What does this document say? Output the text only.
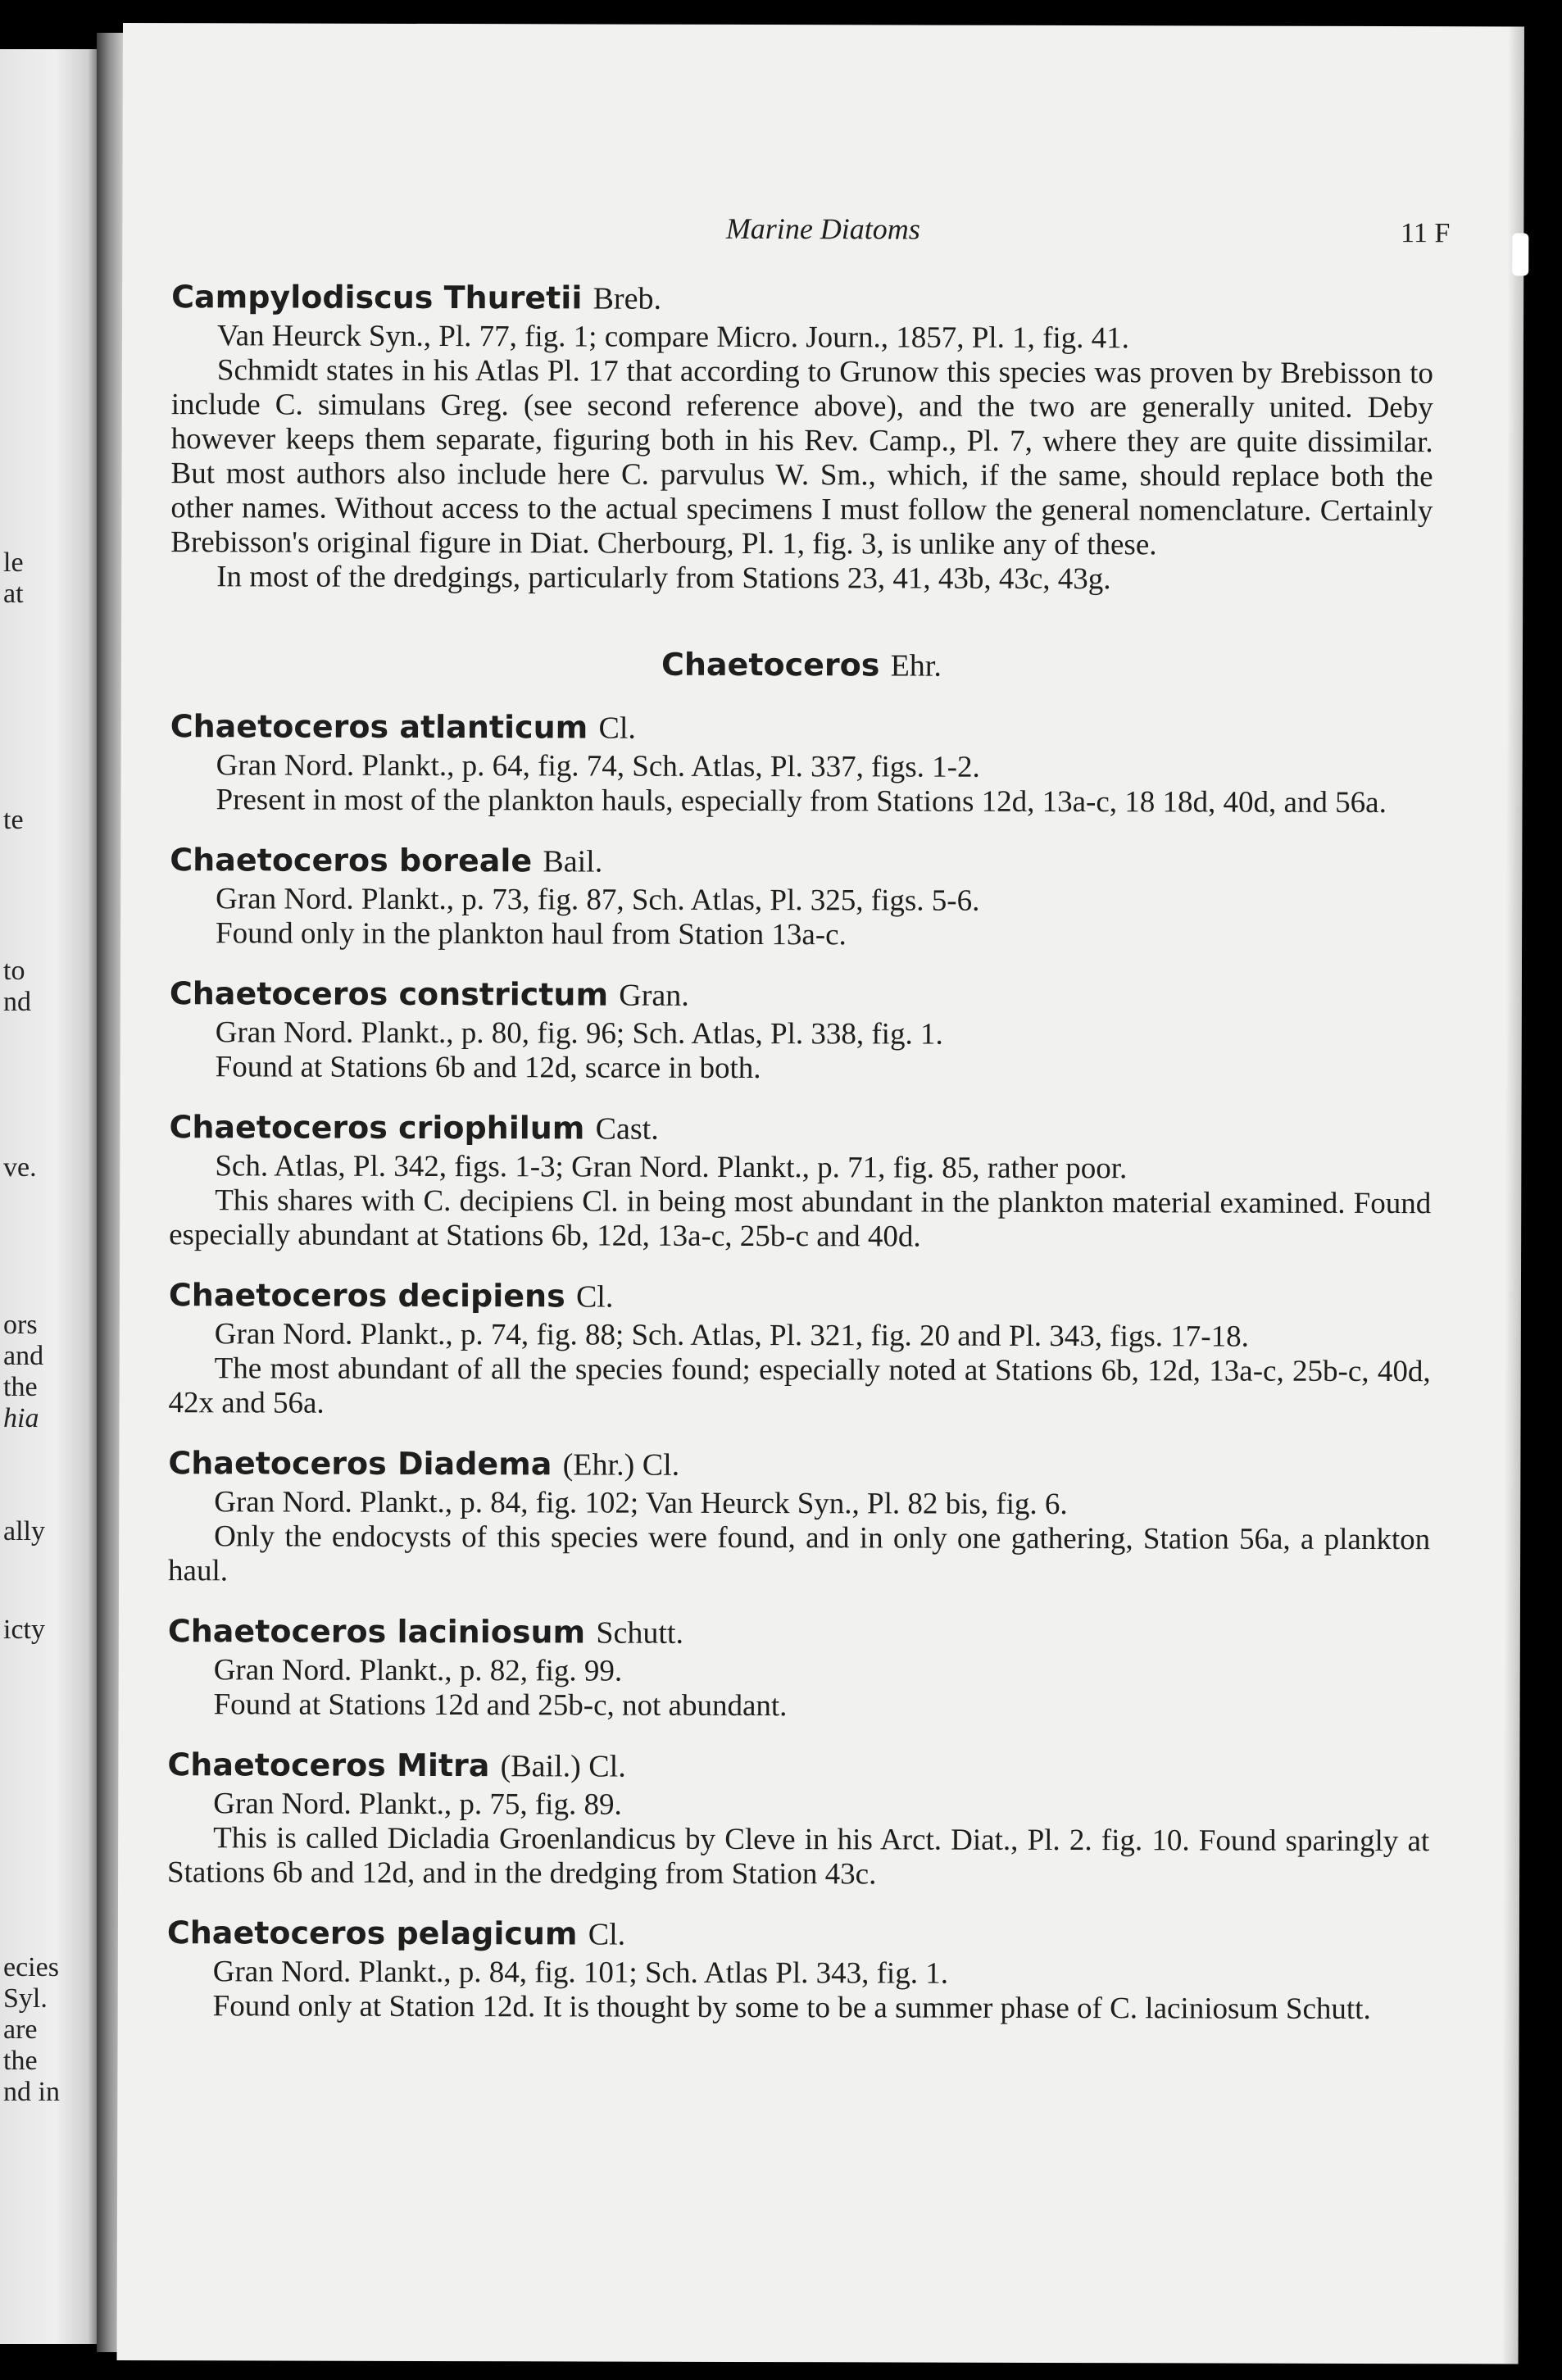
le
at
te
to
nd
ve.
ors
and
the
hia
ally
icty
ecies
Syl.
are
the
nd in
Marine Diatoms	11 F
Campylodiscus Thuretii Breb.

Van Heurck Syn., Pl. 77, fig. 1; compare Micro. Journ., 1857, Pl. 1, fig. 41.

Schmidt states in his Atlas Pl. 17 that according to Grunow this species was proven by Brebisson to include C. simulans Greg. (see second reference above), and the two are generally united. Deby however keeps them separate, figuring both in his Rev. Camp., Pl. 7, where they are quite dissimilar. But most authors also include here C. parvulus W. Sm., which, if the same, should replace both the other names. Without access to the actual specimens I must follow the general nomenclature. Certainly Brebisson's original figure in Diat. Cherbourg, Pl. 1, fig. 3, is unlike any of these.

In most of the dredgings, particularly from Stations 23, 41, 43b, 43c, 43g.

Chaetoceros Ehr.
Chaetoceros atlanticum Cl.

Gran Nord. Plankt., p. 64, fig. 74, Sch. Atlas, Pl. 337, figs. 1-2.

Present in most of the plankton hauls, especially from Stations 12d, 13a-c, 18 18d, 40d, and 56a.

Chaetoceros boreale Bail.

Gran Nord. Plankt., p. 73, fig. 87, Sch. Atlas, Pl. 325, figs. 5-6.

Found only in the plankton haul from Station 13a-c.

Chaetoceros constrictum Gran.

Gran Nord. Plankt., p. 80, fig. 96; Sch. Atlas, Pl. 338, fig. 1.

Found at Stations 6b and 12d, scarce in both.

Chaetoceros criophilum Cast.

Sch. Atlas, Pl. 342, figs. 1-3; Gran Nord. Plankt., p. 71, fig. 85, rather poor.

This shares with C. decipiens Cl. in being most abundant in the plankton material examined. Found especially abundant at Stations 6b, 12d, 13a-c, 25b-c and 40d.

Chaetoceros decipiens Cl.

Gran Nord. Plankt., p. 74, fig. 88; Sch. Atlas, Pl. 321, fig. 20 and Pl. 343, figs. 17-18.

The most abundant of all the species found; especially noted at Stations 6b, 12d, 13a-c, 25b-c, 40d, 42x and 56a.

Chaetoceros Diadema (Ehr.) Cl.

Gran Nord. Plankt., p. 84, fig. 102; Van Heurck Syn., Pl. 82 bis, fig. 6.

Only the endocysts of this species were found, and in only one gathering, Station 56a, a plankton haul.

Chaetoceros laciniosum Schutt.

Gran Nord. Plankt., p. 82, fig. 99.

Found at Stations 12d and 25b-c, not abundant.

Chaetoceros Mitra (Bail.) Cl.

Gran Nord. Plankt., p. 75, fig. 89.

This is called Dicladia Groenlandicus by Cleve in his Arct. Diat., Pl. 2. fig. 10. Found sparingly at Stations 6b and 12d, and in the dredging from Station 43c.

Chaetoceros pelagicum Cl.

Gran Nord. Plankt., p. 84, fig. 101; Sch. Atlas Pl. 343, fig. 1.

Found only at Station 12d. It is thought by some to be a summer phase of C. laciniosum Schutt.
